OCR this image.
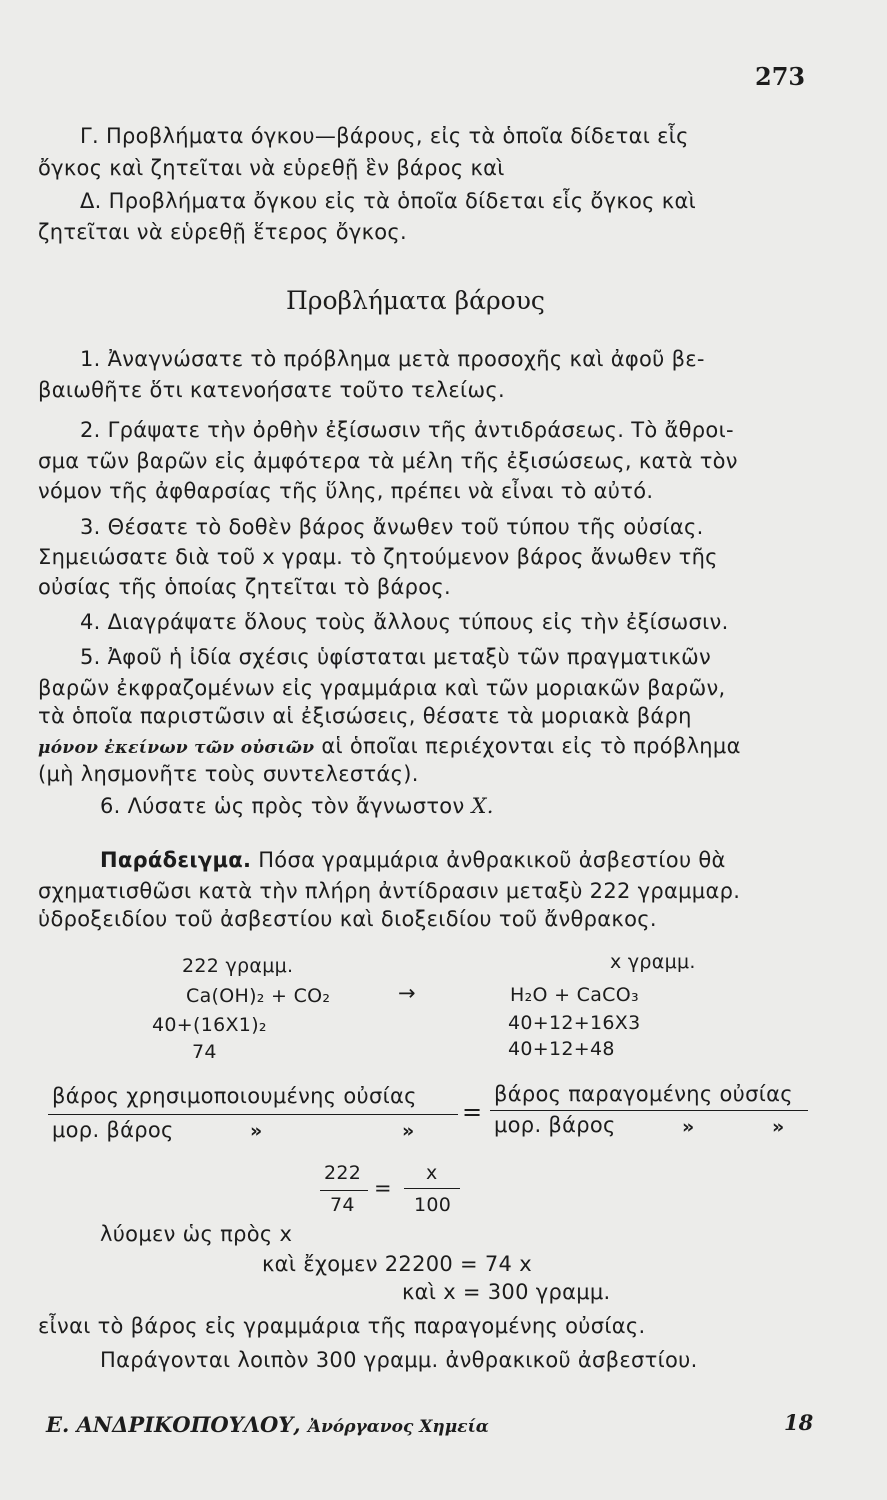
273
Γ. Προβλήματα όγκου—βάρους, εἰς τὰ ὁποῖα δίδεται εἷς
ὄγκος καὶ ζητεῖται νὰ εὑρεθῇ ἓν βάρος καὶ
Δ. Προβλήματα ὄγκου εἰς τὰ ὁποῖα δίδεται εἷς ὄγκος καὶ
ζητεῖται νὰ εὑρεθῇ ἕτερος ὄγκος.
Προβλήματα βάρους
1. Ἀναγνώσατε τὸ πρόβλημα μετὰ προσοχῆς καὶ ἀφοῦ βε-
βαιωθῆτε ὅτι κατενοήσατε τοῦτο τελείως.
2. Γράψατε τὴν ὀρθὴν ἐξίσωσιν τῆς ἀντιδράσεως. Τὸ ἄθροι-
σμα τῶν βαρῶν εἰς ἀμφότερα τὰ μέλη τῆς ἐξισώσεως, κατὰ τὸν
νόμον τῆς ἀφθαρσίας τῆς ὕλης, πρέπει νὰ εἶναι τὸ αὐτό.
3. Θέσατε τὸ δοθὲν βάρος ἄνωθεν τοῦ τύπου τῆς οὐσίας.
Σημειώσατε διὰ τοῦ x γραμ. τὸ ζητούμενον βάρος ἄνωθεν τῆς
οὐσίας τῆς ὁποίας ζητεῖται τὸ βάρος.
4. Διαγράψατε ὅλους τοὺς ἄλλους τύπους εἰς τὴν ἐξίσωσιν.
5. Ἀφοῦ ἡ ἰδία σχέσις ὑφίσταται μεταξὺ τῶν πραγματικῶν
βαρῶν ἐκφραζομένων εἰς γραμμάρια καὶ τῶν μοριακῶν βαρῶν,
τὰ ὁποῖα παριστῶσιν αἱ ἐξισώσεις, θέσατε τὰ μοριακὰ βάρη
μόνον ἐκείνων τῶν οὐσιῶν αἱ ὁποῖαι περιέχονται εἰς τὸ πρόβλημα
(μὴ λησμονῆτε τοὺς συντελεστάς).
6. Λύσατε ὡς πρὸς τὸν ἄγνωστον X.
Παράδειγμα. Πόσα γραμμάρια ἀνθρακικοῦ ἀσβεστίου θὰ
σχηματισθῶσι κατὰ τὴν πλήρη ἀντίδρασιν μεταξὺ 222 γραμμαρ.
ὑδροξειδίου τοῦ ἀσβεστίου καὶ διοξειδίου τοῦ ἄνθρακος.
222 γραμμ.
Ca(OH)₂ + CO₂	→
40+(16X1)₂
74
x γραμμ.
H₂O + CaCO₃
40+12+16X3
40+12+48
βάρος χρησιμοποιουμένης οὐσίας
μορ. βάρος	»	»
=
βάρος παραγομένης οὐσίας
μορ. βάρος	»	»
222
74
=
x
100
λύομεν ὡς πρὸς x
καὶ ἔχομεν 22200 = 74 x
καὶ x = 300 γραμμ.
εἶναι τὸ βάρος εἰς γραμμάρια τῆς παραγομένης οὐσίας.
Παράγονται λοιπὸν 300 γραμμ. ἀνθρακικοῦ ἀσβεστίου.
Ε. ΑΝΔΡΙΚΟΠΟΥΛΟΥ, Ἀνόργανος Χημεία	18
